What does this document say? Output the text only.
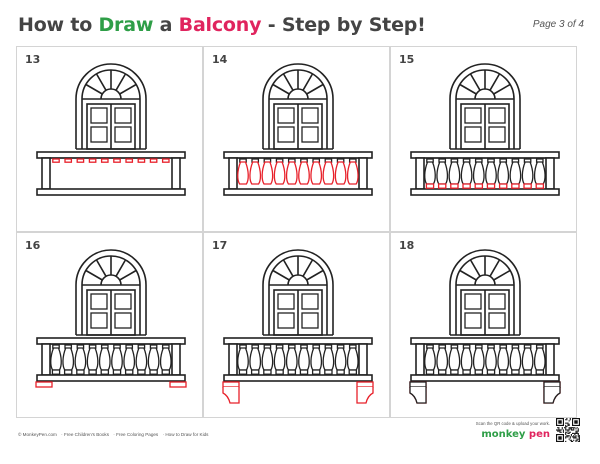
How to Draw a Balcony - Step by Step!	Page 3 of 4
13	14	15
16	17	18
© MonkeyPen.com · Free Children's Books · Free Coloring Pages · How to Draw for Kids
Scan the QR code & upload your work.
monkey pen
